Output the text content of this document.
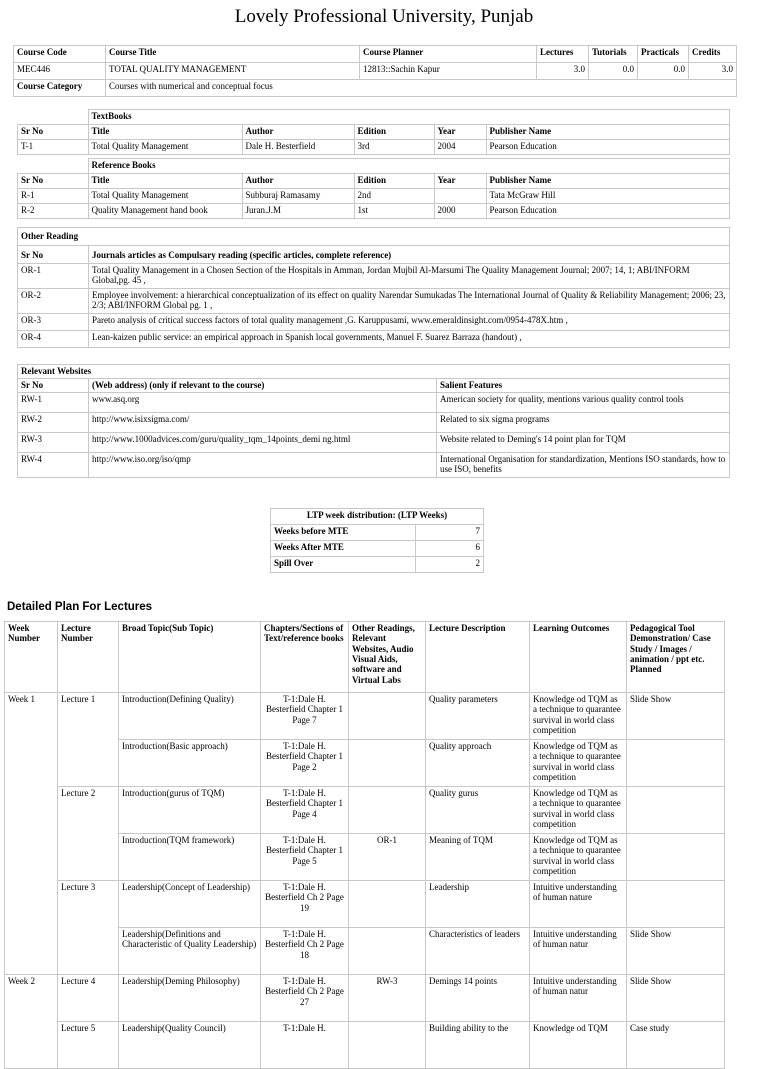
Lovely Professional University, Punjab
Course Code	Course Title	Course Planner	Lectures	Tutorials	Practicals	Credits
MEC446	TOTAL QUALITY MANAGEMENT	12813::Sachin Kapur	3.0	0.0	0.0	3.0
Course Category	Courses with numerical and conceptual focus					
	TextBooks				
Sr No	Title	Author	Edition	Year	Publisher Name
T-1	Total Quality Management	Dale H. Besterfield	3rd	2004	Pearson Education
	Reference Books				
Sr No	Title	Author	Edition	Year	Publisher Name
R-1	Total Quality Management	Subburaj Ramasamy	2nd		Tata McGraw Hill
R-2	Quality Management hand book	Juran.J.M	1st	2000	Pearson Education
Other Reading	
Sr No	Journals articles as Compulsary reading (specific articles, complete reference)
OR-1	Total Quality Management in a Chosen Section of the Hospitals in Amman, Jordan Mujbil Al-Marsumi The Quality Management Journal; 2007; 14, 1; ABI/INFORM Global,pg. 45 ,
OR-2	Employee involvement: a hierarchical conceptualization of its effect on quality Narendar Sumukadas The International Journal of Quality & Reliability Management; 2006; 23, 2/3; ABI/INFORM Global pg. 1 ,
OR-3	Pareto analysis of critical success factors of total quality management ,G. Karuppusami, www.emeraldinsight.com/0954-478X.htm ,
OR-4	Lean-kaizen public service: an empirical approach in Spanish local governments, Manuel F. Suarez Barraza (handout) ,
Relevant Websites		
Sr No	(Web address) (only if relevant to the course)	Salient Features
RW-1	www.asq.org	American society for quality, mentions various quality control tools
RW-2	http://www.isixsigma.com/	Related to six sigma programs
RW-3	http://www.1000advices.com/guru/quality_tqm_14points_demi ng.html	Website related to Deming's 14 point plan for TQM
RW-4	http://www.iso.org/iso/qmp	International Organisation for standardization, Mentions ISO standards, how to use ISO, benefits
LTP week distribution: (LTP Weeks)	
Weeks before MTE	7
Weeks After MTE	6
Spill Over	2
Detailed Plan For Lectures
Week Number	Lecture Number	Broad Topic(Sub Topic)	Chapters/Sections of Text/reference books	Other Readings, Relevant Websites, Audio Visual Aids, software and Virtual Labs	Lecture Description	Learning Outcomes	Pedagogical Tool Demonstration/ Case Study / Images / animation / ppt etc. Planned
Week 1	Lecture 1	Introduction(Defining Quality)	T-1:Dale H. Besterfield Chapter 1 Page 7		Quality parameters	Knowledge od TQM as a technique to quarantee survival in world class competition	Slide Show
		Introduction(Basic approach)	T-1:Dale H. Besterfield Chapter 1 Page 2		Quality approach	Knowledge od TQM as a technique to quarantee survival in world class competition	
	Lecture 2	Introduction(gurus of TQM)	T-1:Dale H. Besterfield Chapter 1 Page 4		Quality gurus	Knowledge od TQM as a technique to quarantee survival in world class competition	
		Introduction(TQM framework)	T-1:Dale H. Besterfield Chapter 1 Page 5	OR-1	Meaning of TQM	Knowledge od TQM as a technique to quarantee survival in world class competition	
	Lecture 3	Leadership(Concept of Leadership)	T-1:Dale H. Besterfield Ch 2 Page 19		Leadership	Intuitive understanding of human nature	
		Leadership(Definitions and Characteristic of Quality Leadership)	T-1:Dale H. Besterfield Ch 2 Page 18		Characteristics of leaders	Intuitive understanding of human natur	Slide Show
Week 2	Lecture 4	Leadership(Deming Philosophy)	T-1:Dale H. Besterfield Ch 2 Page 27	RW-3	Demings 14 points	Intuitive understanding of human natur	Slide Show
	Lecture 5	Leadership(Quality Council)	T-1:Dale H.		Building ability to the	Knowledge od TQM	Case study
